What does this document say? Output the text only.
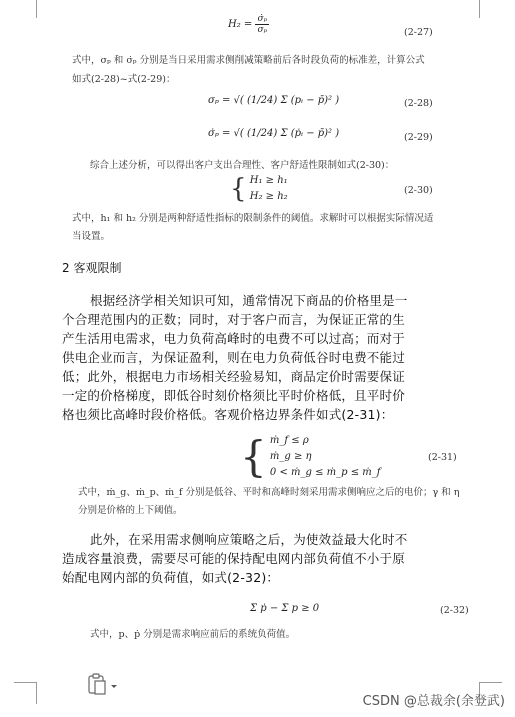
$H_2 = \frac{\text{σ̇ₚ}}{\text{σₚ}}$	(2-27)
式中，σₚ 和 σ̇ₚ 分别是当日采用需求侧削减策略前后各时段负荷的标准差，计算公式
如式(2-28)~式(2-29)：
σₚ = √( (1/24) Σ (pᵢ − p̄)² )	(2-28)
σ̇ₚ = √( (1/24) Σ (ṗᵢ − p̄)² )	(2-29)
综合上述分析，可以得出客户支出合理性、客户舒适性限制如式(2-30)：
{ H₁ ≥ h₁
H₂ ≥ h₂
(2-30)
式中，h₁ 和 h₂ 分别是两种舒适性指标的限制条件的阈值。求解时可以根据实际情况适
当设置。
2 客观限制
根据经济学相关知识可知，通常情况下商品的价格里是一
个合理范围内的正数；同时，对于客户而言，为保证正常的生
产生活用电需求，电力负荷高峰时的电费不可以过高；而对于
供电企业而言，为保证盈利，则在电力负荷低谷时电费不能过
低；此外，根据电力市场相关经验易知，商品定价时需要保证
一定的价格梯度，即低谷时刻价格须比平时价格低，且平时价
格也须比高峰时段价格低。客观价格边界条件如式(2-31)：
{ ṁ_f ≤ ρ
ṁ_g ≥ η
0 < ṁ_g ≤ ṁ_p ≤ ṁ_f
(2-31)
式中，ṁ_g、ṁ_p、ṁ_f 分别是低谷、平时和高峰时刻采用需求侧响应之后的电价；γ 和 η
分别是价格的上下阈值。
此外，在采用需求侧响应策略之后，为使效益最大化时不
造成容量浪费，需要尽可能的保持配电网内部负荷值不小于原
始配电网内部的负荷值，如式(2-32)：
Σ ṗ − Σ p ≥ 0	(2-32)
式中，p、ṗ 分别是需求响应前后的系统负荷值。
CSDN @总裁余(余登武)
